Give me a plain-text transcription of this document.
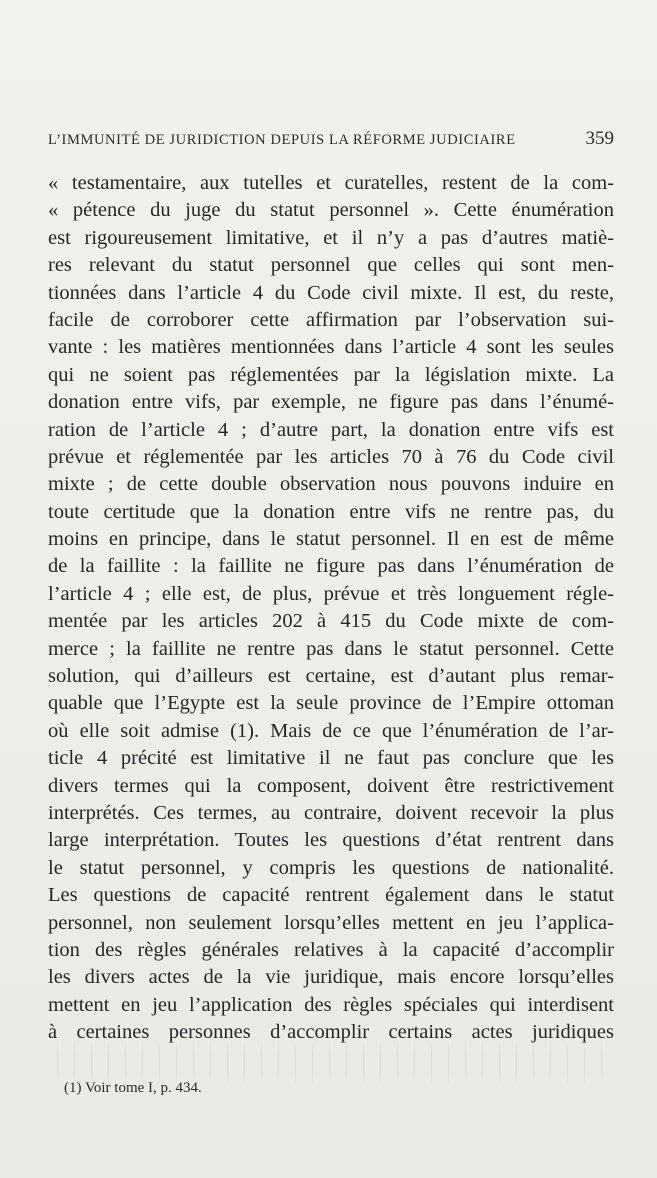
L’IMMUNITÉ DE JURIDICTION DEPUIS LA RÉFORME JUDICIAIRE	359
« testamentaire, aux tutelles et curatelles, restent de la com-
« pétence du juge du statut personnel ». Cette énumération
est rigoureusement limitative, et il n’y a pas d’autres matiè-
res relevant du statut personnel que celles qui sont men-
tionnées dans l’article 4 du Code civil mixte. Il est, du reste,
facile de corroborer cette affirmation par l’observation sui-
vante : les matières mentionnées dans l’article 4 sont les seules
qui ne soient pas réglementées par la législation mixte. La
donation entre vifs, par exemple, ne figure pas dans l’énumé-
ration de l’article 4 ; d’autre part, la donation entre vifs est
prévue et réglementée par les articles 70 à 76 du Code civil
mixte ; de cette double observation nous pouvons induire en
toute certitude que la donation entre vifs ne rentre pas, du
moins en principe, dans le statut personnel. Il en est de même
de la faillite : la faillite ne figure pas dans l’énumération de
l’article 4 ; elle est, de plus, prévue et très longuement régle-
mentée par les articles 202 à 415 du Code mixte de com-
merce ; la faillite ne rentre pas dans le statut personnel. Cette
solution, qui d’ailleurs est certaine, est d’autant plus remar-
quable que l’Egypte est la seule province de l’Empire ottoman
où elle soit admise (1). Mais de ce que l’énumération de l’ar-
ticle 4 précité est limitative il ne faut pas conclure que les
divers termes qui la composent, doivent être restrictivement
interprétés. Ces termes, au contraire, doivent recevoir la plus
large interprétation. Toutes les questions d’état rentrent dans
le statut personnel, y compris les questions de nationalité.
Les questions de capacité rentrent également dans le statut
personnel, non seulement lorsqu’elles mettent en jeu l’applica-
tion des règles générales relatives à la capacité d’accomplir
les divers actes de la vie juridique, mais encore lorsqu’elles
mettent en jeu l’application des règles spéciales qui interdisent
à certaines personnes d’accomplir certains actes juridiques
(1) Voir tome I, p. 434.
